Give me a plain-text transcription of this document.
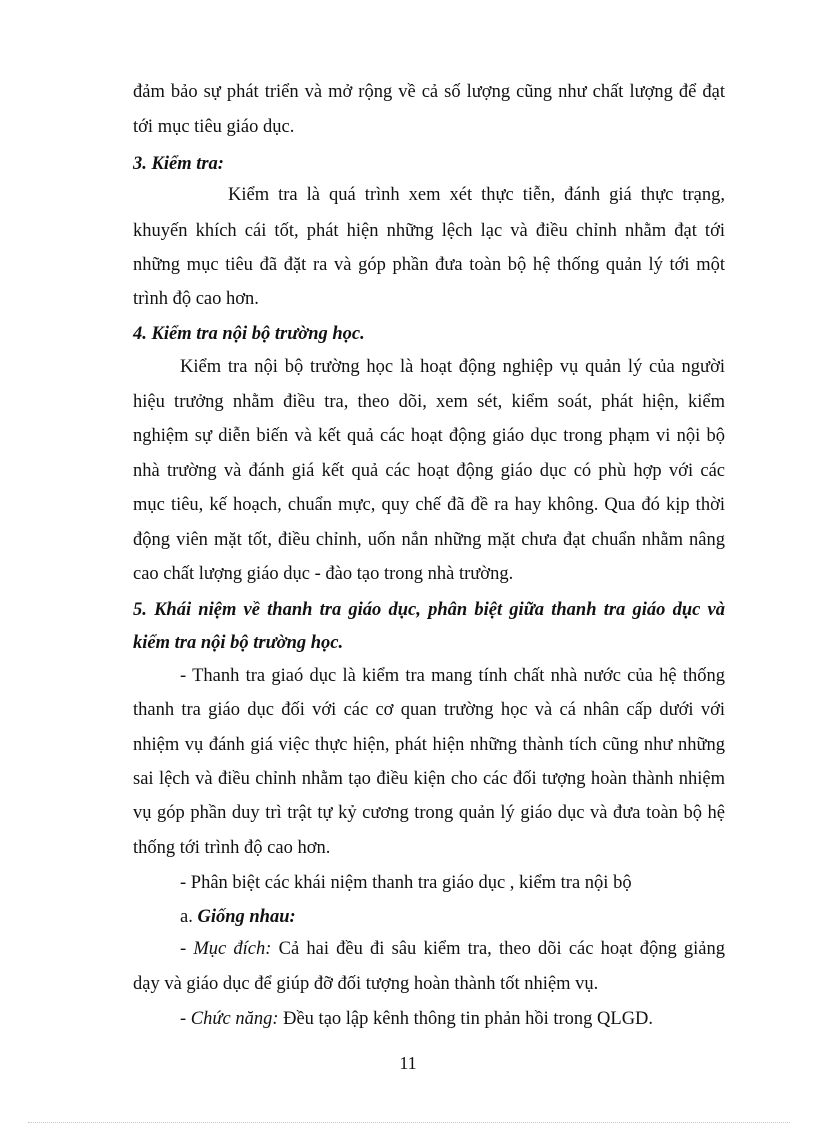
đảm bảo sự phát triển và mở rộng về cả số lượng cũng như chất lượng để đạt
tới mục tiêu giáo dục.
3. Kiểm tra:
Kiểm tra là quá trình xem xét thực tiễn, đánh giá thực trạng,
khuyến khích cái tốt, phát hiện những lệch lạc và điều chỉnh nhằm đạt tới
những mục tiêu đã đặt ra và góp phần đưa toàn bộ hệ thống quản lý tới một
trình độ cao hơn.
4. Kiểm tra nội bộ trường học.
Kiểm tra nội bộ trường học là hoạt động nghiệp vụ quản lý của người
hiệu trưởng nhằm điều tra, theo dõi, xem sét, kiểm soát, phát hiện, kiểm
nghiệm sự diễn biến và kết quả các hoạt động giáo dục trong phạm vi nội bộ
nhà trường và đánh giá kết quả các hoạt động giáo dục có phù hợp với các
mục tiêu, kế hoạch, chuẩn mực, quy chế đã đề ra hay không. Qua đó kịp thời
động viên mặt tốt, điều chỉnh, uốn nắn những mặt chưa đạt chuẩn nhằm nâng
cao chất lượng giáo dục - đào tạo trong nhà trường.
5. Khái niệm về thanh tra giáo dục, phân biệt giữa thanh tra giáo dục và
kiểm tra nội bộ trường học.
- Thanh tra giaó dục là kiểm tra mang tính chất nhà nước của hệ thống
thanh tra giáo dục đối với các cơ quan trường học và cá nhân cấp dưới với
nhiệm vụ đánh giá việc thực hiện, phát hiện những thành tích cũng như những
sai lệch và điều chỉnh nhằm tạo điều kiện cho các đối tượng hoàn thành nhiệm
vụ góp phần duy trì trật tự kỷ cương trong quản lý giáo dục và đưa toàn bộ hệ
thống tới trình độ cao hơn.
- Phân biệt các khái niệm thanh tra giáo dục , kiểm tra nội bộ
a. Giống nhau:
- Mục đích: Cả hai đều đi sâu kiểm tra, theo dõi các hoạt động giảng
dạy và giáo dục để giúp đỡ đối tượng hoàn thành tốt nhiệm vụ.
- Chức năng: Đều tạo lập kênh thông tin phản hồi trong QLGD.
11
